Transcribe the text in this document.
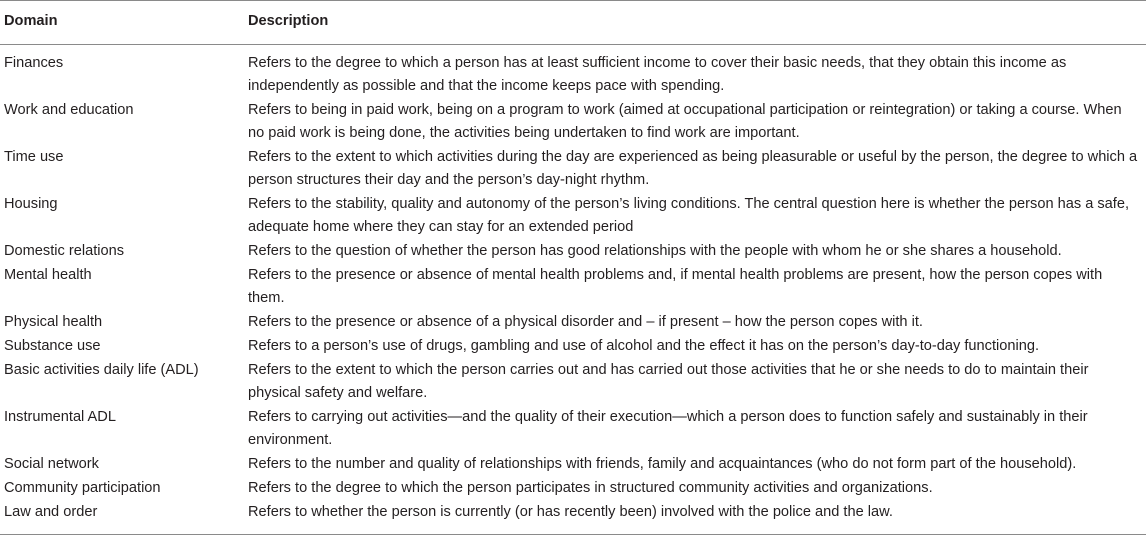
Domain	Description
Finances	Refers to the degree to which a person has at least sufficient income to cover their basic needs, that they obtain this income as independently as possible and that the income keeps pace with spending.
Work and education	Refers to being in paid work, being on a program to work (aimed at occupational participation or reintegration) or taking a course. When no paid work is being done, the activities being undertaken to find work are important.
Time use	Refers to the extent to which activities during the day are experienced as being pleasurable or useful by the person, the degree to which a person structures their day and the person’s day-night rhythm.
Housing	Refers to the stability, quality and autonomy of the person’s living conditions. The central question here is whether the person has a safe, adequate home where they can stay for an extended period
Domestic relations	Refers to the question of whether the person has good relationships with the people with whom he or she shares a household.
Mental health	Refers to the presence or absence of mental health problems and, if mental health problems are present, how the person copes with them.
Physical health	Refers to the presence or absence of a physical disorder and – if present – how the person copes with it.
Substance use	Refers to a person’s use of drugs, gambling and use of alcohol and the effect it has on the person’s day-to-day functioning.
Basic activities daily life (ADL)	Refers to the extent to which the person carries out and has carried out those activities that he or she needs to do to maintain their physical safety and welfare.
Instrumental ADL	Refers to carrying out activities—and the quality of their execution—which a person does to function safely and sustainably in their environment.
Social network	Refers to the number and quality of relationships with friends, family and acquaintances (who do not form part of the household).
Community participation	Refers to the degree to which the person participates in structured community activities and organizations.
Law and order	Refers to whether the person is currently (or has recently been) involved with the police and the law.
